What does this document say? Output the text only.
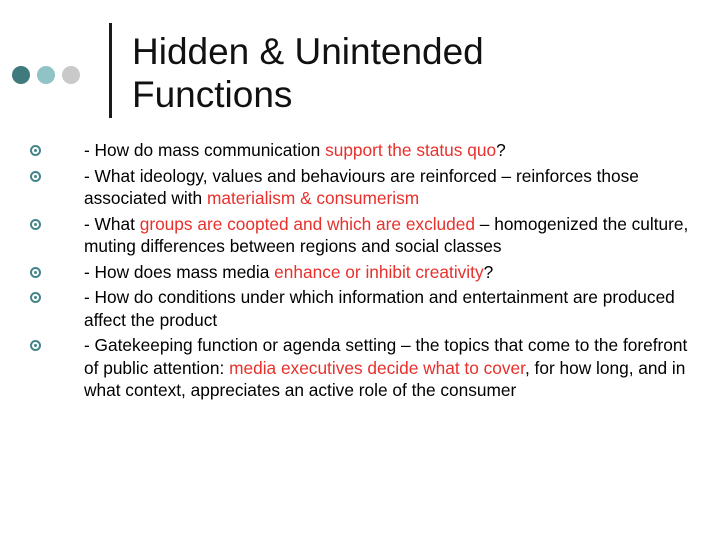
Hidden & Unintended
Functions
- How do mass communication support the status quo?
- What ideology, values and behaviours are reinforced – reinforces those associated with materialism & consumerism
- What groups are coopted and which are excluded – homogenized the culture, muting differences between regions and social classes
- How does mass media enhance or inhibit creativity?
- How do conditions under which information and entertainment are produced affect the product
- Gatekeeping function or agenda setting – the topics that come to the forefront of public attention: media executives decide what to cover, for how long, and in what context, appreciates an active role of the consumer
